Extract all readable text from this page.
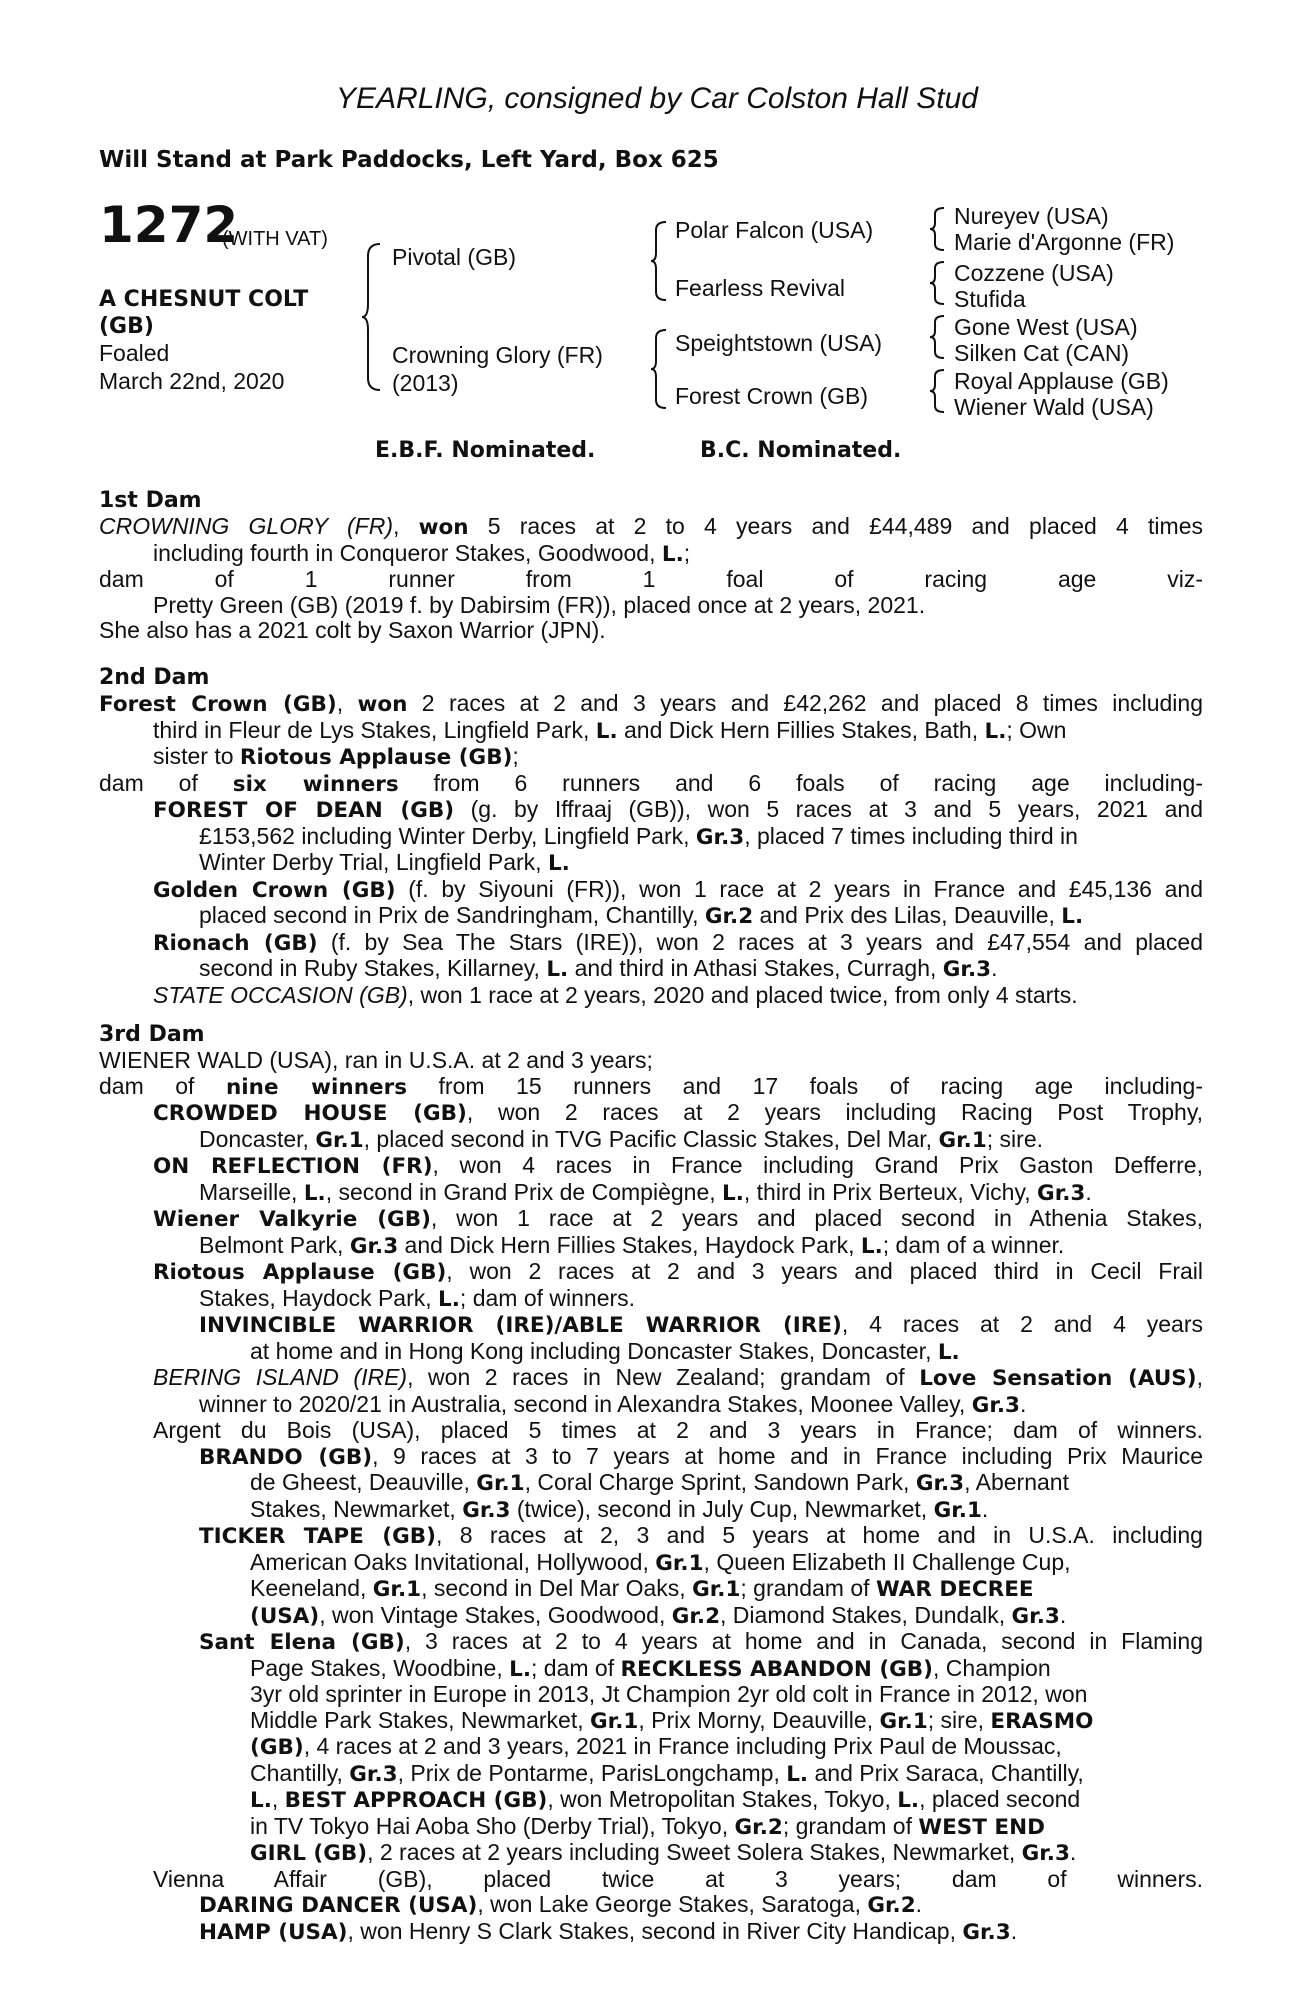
YEARLING, consigned by Car Colston Hall Stud
Will Stand at Park Paddocks, Left Yard, Box 625
1272
(WITH VAT)
A CHESNUT COLT
(GB)
Foaled
March 22nd, 2020
Pivotal (GB)
Crowning Glory (FR)
(2013)
Polar Falcon (USA)
Fearless Revival
Speightstown (USA)
Forest Crown (GB)
Nureyev (USA)
Marie d'Argonne (FR)
Cozzene (USA)
Stufida
Gone West (USA)
Silken Cat (CAN)
Royal Applause (GB)
Wiener Wald (USA)
E.B.F. Nominated.	B.C. Nominated.
1st Dam
CROWNING GLORY (FR), won 5 races at 2 to 4 years and £44,489 and placed 4 times
including fourth in Conqueror Stakes, Goodwood, L.;
dam of 1 runner from 1 foal of racing age viz-
Pretty Green (GB) (2019 f. by Dabirsim (FR)), placed once at 2 years, 2021.
She also has a 2021 colt by Saxon Warrior (JPN).
2nd Dam
Forest Crown (GB), won 2 races at 2 and 3 years and £42,262 and placed 8 times including
third in Fleur de Lys Stakes, Lingfield Park, L. and Dick Hern Fillies Stakes, Bath, L.; Own
sister to Riotous Applause (GB);
dam of six winners from 6 runners and 6 foals of racing age including-
FOREST OF DEAN (GB) (g. by Iffraaj (GB)), won 5 races at 3 and 5 years, 2021 and
£153,562 including Winter Derby, Lingfield Park, Gr.3, placed 7 times including third in
Winter Derby Trial, Lingfield Park, L.
Golden Crown (GB) (f. by Siyouni (FR)), won 1 race at 2 years in France and £45,136 and
placed second in Prix de Sandringham, Chantilly, Gr.2 and Prix des Lilas, Deauville, L.
Rionach (GB) (f. by Sea The Stars (IRE)), won 2 races at 3 years and £47,554 and placed
second in Ruby Stakes, Killarney, L. and third in Athasi Stakes, Curragh, Gr.3.
STATE OCCASION (GB), won 1 race at 2 years, 2020 and placed twice, from only 4 starts.
3rd Dam
WIENER WALD (USA), ran in U.S.A. at 2 and 3 years;
dam of nine winners from 15 runners and 17 foals of racing age including-
CROWDED HOUSE (GB), won 2 races at 2 years including Racing Post Trophy,
Doncaster, Gr.1, placed second in TVG Pacific Classic Stakes, Del Mar, Gr.1; sire.
ON REFLECTION (FR), won 4 races in France including Grand Prix Gaston Defferre,
Marseille, L., second in Grand Prix de Compiègne, L., third in Prix Berteux, Vichy, Gr.3.
Wiener Valkyrie (GB), won 1 race at 2 years and placed second in Athenia Stakes,
Belmont Park, Gr.3 and Dick Hern Fillies Stakes, Haydock Park, L.; dam of a winner.
Riotous Applause (GB), won 2 races at 2 and 3 years and placed third in Cecil Frail
Stakes, Haydock Park, L.; dam of winners.
INVINCIBLE WARRIOR (IRE)/ABLE WARRIOR (IRE), 4 races at 2 and 4 years
at home and in Hong Kong including Doncaster Stakes, Doncaster, L.
BERING ISLAND (IRE), won 2 races in New Zealand; grandam of Love Sensation (AUS),
winner to 2020/21 in Australia, second in Alexandra Stakes, Moonee Valley, Gr.3.
Argent du Bois (USA), placed 5 times at 2 and 3 years in France; dam of winners.
BRANDO (GB), 9 races at 3 to 7 years at home and in France including Prix Maurice
de Gheest, Deauville, Gr.1, Coral Charge Sprint, Sandown Park, Gr.3, Abernant
Stakes, Newmarket, Gr.3 (twice), second in July Cup, Newmarket, Gr.1.
TICKER TAPE (GB), 8 races at 2, 3 and 5 years at home and in U.S.A. including
American Oaks Invitational, Hollywood, Gr.1, Queen Elizabeth II Challenge Cup,
Keeneland, Gr.1, second in Del Mar Oaks, Gr.1; grandam of WAR DECREE
(USA), won Vintage Stakes, Goodwood, Gr.2, Diamond Stakes, Dundalk, Gr.3.
Sant Elena (GB), 3 races at 2 to 4 years at home and in Canada, second in Flaming
Page Stakes, Woodbine, L.; dam of RECKLESS ABANDON (GB), Champion
3yr old sprinter in Europe in 2013, Jt Champion 2yr old colt in France in 2012, won
Middle Park Stakes, Newmarket, Gr.1, Prix Morny, Deauville, Gr.1; sire, ERASMO
(GB), 4 races at 2 and 3 years, 2021 in France including Prix Paul de Moussac,
Chantilly, Gr.3, Prix de Pontarme, ParisLongchamp, L. and Prix Saraca, Chantilly,
L., BEST APPROACH (GB), won Metropolitan Stakes, Tokyo, L., placed second
in TV Tokyo Hai Aoba Sho (Derby Trial), Tokyo, Gr.2; grandam of WEST END
GIRL (GB), 2 races at 2 years including Sweet Solera Stakes, Newmarket, Gr.3.
Vienna Affair (GB), placed twice at 3 years; dam of winners.
DARING DANCER (USA), won Lake George Stakes, Saratoga, Gr.2.
HAMP (USA), won Henry S Clark Stakes, second in River City Handicap, Gr.3.
